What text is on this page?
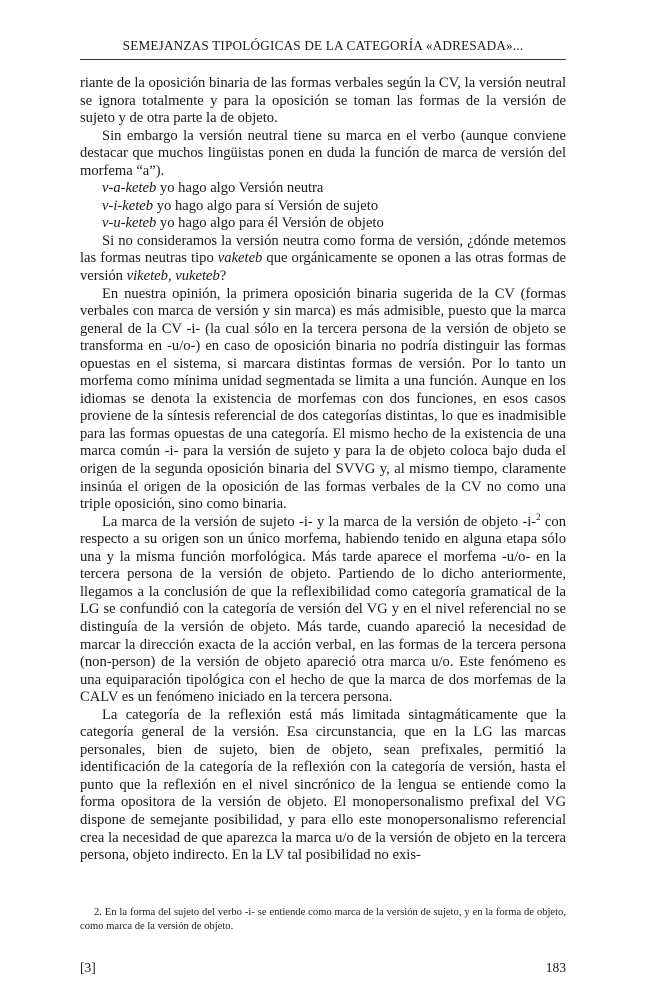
SEMEJANZAS TIPOLÓGICAS DE LA CATEGORÍA «ADRESADA»...

riante de la oposición binaria de las formas verbales según la CV, la versión neutral se ignora totalmente y para la oposición se toman las formas de la versión de sujeto y de otra parte la de objeto.

Sin embargo la versión neutral tiene su marca en el verbo (aunque conviene destacar que muchos lingüistas ponen en duda la función de marca de versión del morfema “a”).

v-a-keteb yo hago algo Versión neutra

v-i-keteb yo hago algo para sí Versión de sujeto

v-u-keteb yo hago algo para él Versión de objeto

Si no consideramos la versión neutra como forma de versión, ¿dónde metemos las formas neutras tipo vaketeb que orgánicamente se oponen a las otras formas de versión viketeb, vuketeb?

En nuestra opinión, la primera oposición binaria sugerida de la CV (formas verbales con marca de versión y sin marca) es más admisible, puesto que la marca general de la CV -i- (la cual sólo en la tercera persona de la versión de objeto se transforma en -u/o-) en caso de oposición binaria no podría distinguir las formas opuestas en el sistema, si marcara distintas formas de versión. Por lo tanto un morfema como mínima unidad segmentada se limita a una función. Aunque en los idiomas se denota la existencia de morfemas con dos funciones, en esos casos proviene de la síntesis referencial de dos categorías distintas, lo que es inadmisible para las formas opuestas de una categoría. El mismo hecho de la existencia de una marca común -i- para la versión de sujeto y para la de objeto coloca bajo duda el origen de la segunda oposición binaria del SVVG y, al mismo tiempo, claramente insinúa el origen de la oposición de las formas verbales de la CV no como una triple oposición, sino como binaria.

La marca de la versión de sujeto -i- y la marca de la versión de objeto -i-$^2$ con respecto a su origen son un único morfema, habiendo tenido en alguna etapa sólo una y la misma función morfológica. Más tarde aparece el morfema -u/o- en la tercera persona de la versión de objeto. Partiendo de lo dicho anteriormente, llegamos a la conclusión de que la reflexibilidad como categoría gramatical de la LG se confundió con la categoría de versión del VG y en el nivel referencial no se distinguía de la versión de objeto. Más tarde, cuando apareció la necesidad de marcar la dirección exacta de la acción verbal, en las formas de la tercera persona (non-person) de la versión de objeto apareció otra marca u/o. Este fenómeno es una equiparación tipológica con el hecho de que la marca de dos morfemas de la CALV es un fenómeno iniciado en la tercera persona.

La categoría de la reflexión está más limitada sintagmáticamente que la categoría general de la versión. Esa circunstancia, que en la LG las marcas personales, bien de sujeto, bien de objeto, sean prefixales, permitió la identificación de la categoría de la reflexión con la categoría de versión, hasta el punto que la reflexión en el nivel sincrónico de la lengua se entiende como la forma opositora de la versión de objeto. El monopersonalismo prefixal del VG dispone de semejante posibilidad, y para ello este monopersonalismo referencial crea la necesidad de que aparezca la marca u/o de la versión de objeto en la tercera persona, objeto indirecto. En la LV tal posibilidad no exis-

2. En la forma del sujeto del verbo -i- se entiende como marca de la versión de sujeto, y en la forma de objeto, como marca de la versión de objeto.

[3]	183
